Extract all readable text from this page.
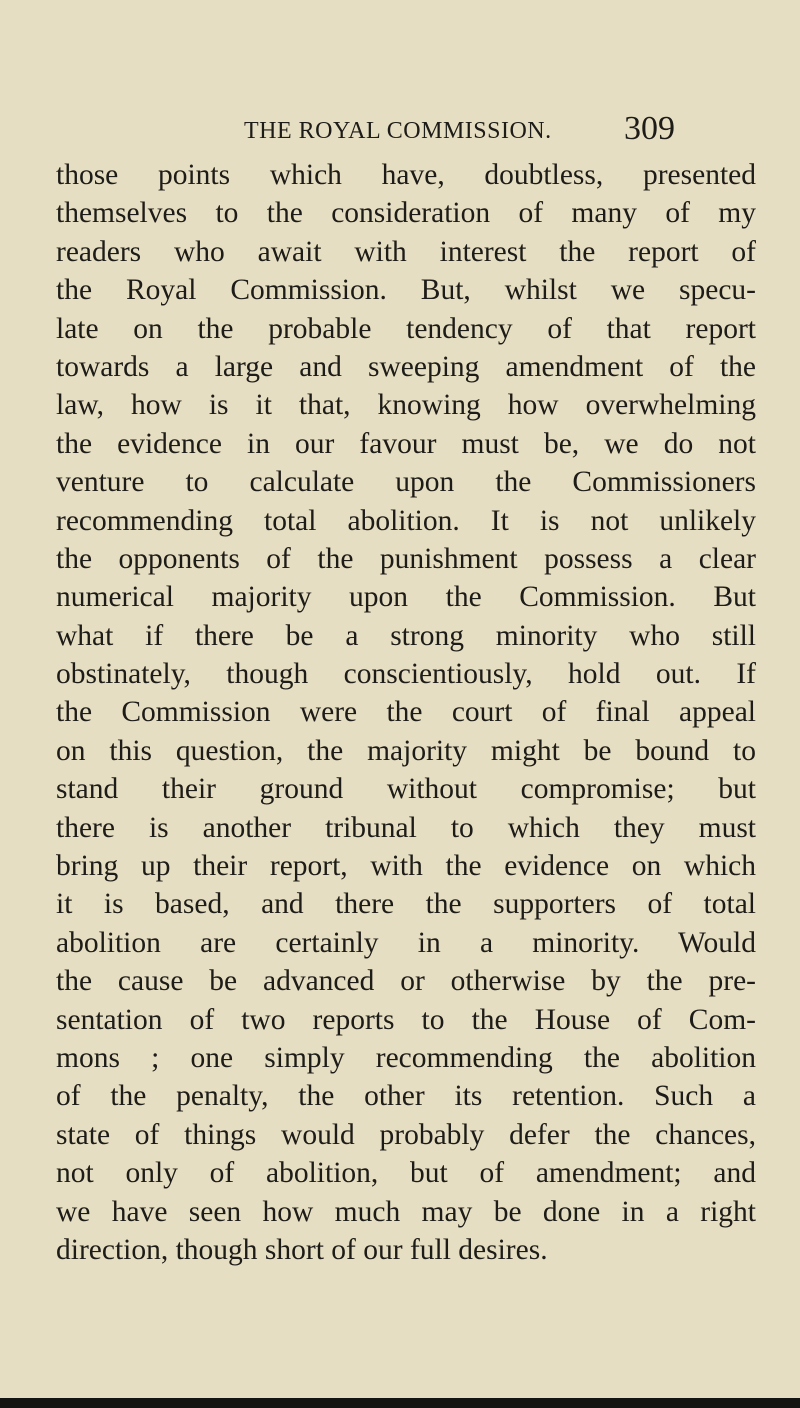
THE ROYAL COMMISSION. 309
those points which have, doubtless, presented
themselves to the consideration of many of my
readers who await with interest the report of
the Royal Commission. But, whilst we specu-
late on the probable tendency of that report
towards a large and sweeping amendment of the
law, how is it that, knowing how overwhelming
the evidence in our favour must be, we do not
venture to calculate upon the Commissioners
recommending total abolition. It is not unlikely
the opponents of the punishment possess a clear
numerical majority upon the Commission. But
what if there be a strong minority who still
obstinately, though conscientiously, hold out. If
the Commission were the court of final appeal
on this question, the majority might be bound to
stand their ground without compromise; but
there is another tribunal to which they must
bring up their report, with the evidence on which
it is based, and there the supporters of total
abolition are certainly in a minority. Would
the cause be advanced or otherwise by the pre-
sentation of two reports to the House of Com-
mons ; one simply recommending the abolition
of the penalty, the other its retention. Such a
state of things would probably defer the chances,
not only of abolition, but of amendment; and
we have seen how much may be done in a right
direction, though short of our full desires.
